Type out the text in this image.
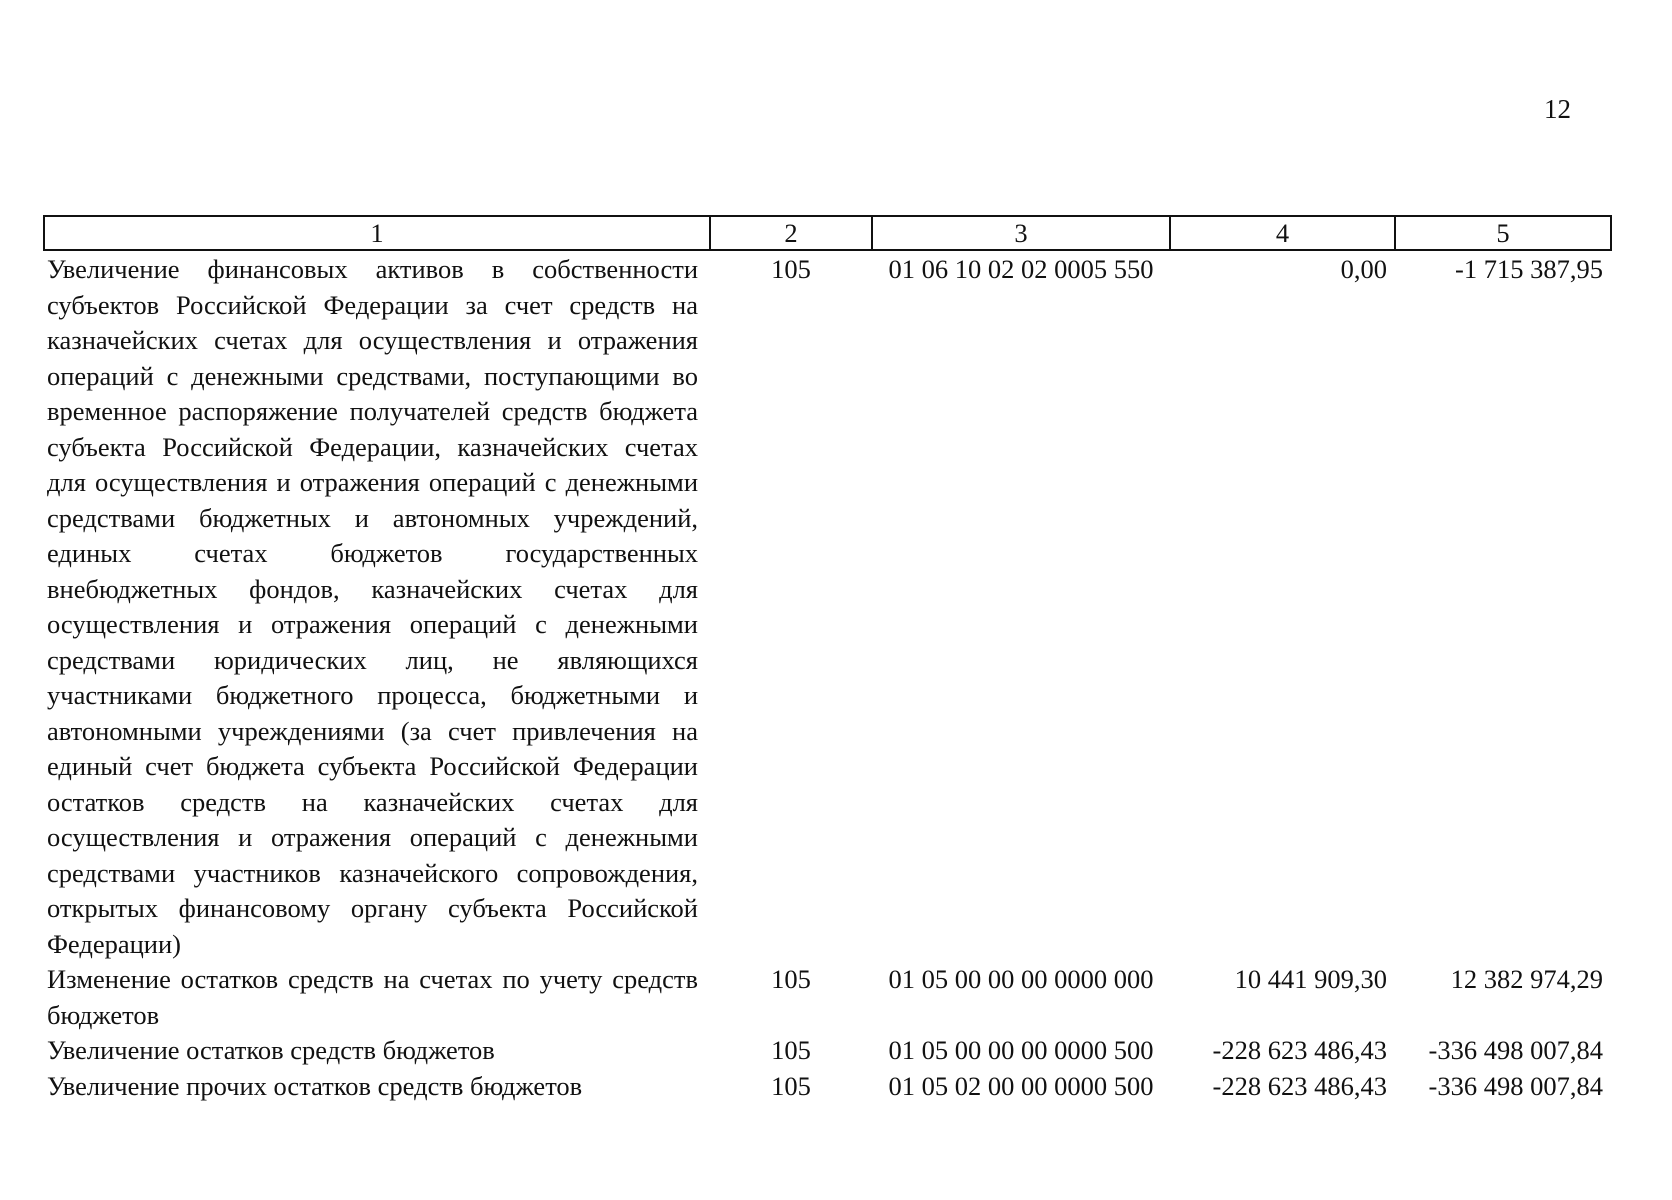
12
1	2	3	4	5
Увеличение финансовых активов в собственности субъектов Российской Федерации за счет средств на казначейских счетах для осуществления и отражения операций с денежными средствами, поступающими во временное распоряжение получателей средств бюджета субъекта Российской Федерации, казначейских счетах для осуществления и отражения операций с денежными средствами бюджетных и автономных учреждений, единых счетах бюджетов государственных внебюджетных фондов, казначейских счетах для осуществления и отражения операций с денежными средствами юридических лиц, не являющихся участниками бюджетного процесса, бюджетными и автономными учреждениями (за счет привлечения на единый счет бюджета субъекта Российской Федерации остатков средств на казначейских счетах для осуществления и отражения операций с денежными средствами участников казначейского сопровождения, открытых финансовому органу субъекта Российской Федерации)	105	01 06 10 02 02 0005 550	0,00	-1 715 387,95
Изменение остатков средств на счетах по учету средств бюджетов	105	01 05 00 00 00 0000 000	10 441 909,30	12 382 974,29
Увеличение остатков средств бюджетов	105	01 05 00 00 00 0000 500	-228 623 486,43	-336 498 007,84
Увеличение прочих остатков средств бюджетов	105	01 05 02 00 00 0000 500	-228 623 486,43	-336 498 007,84
